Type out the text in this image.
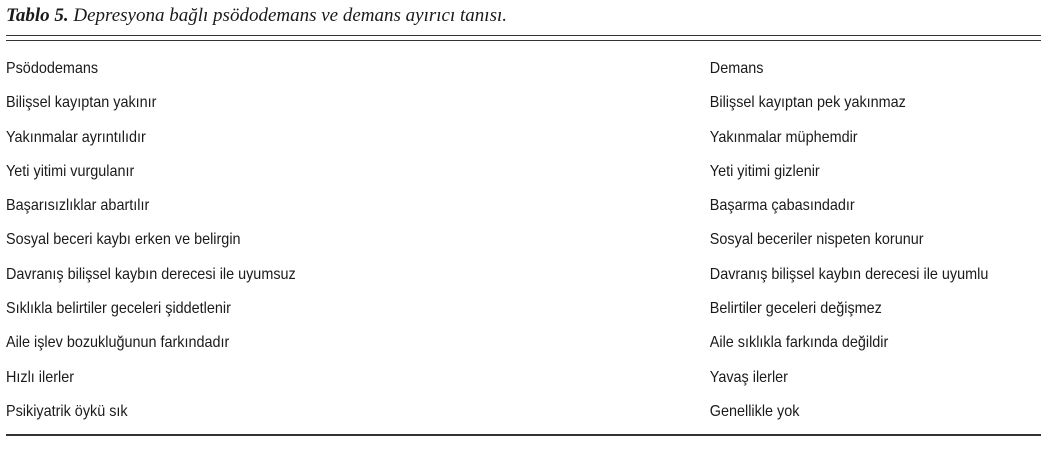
Tablo 5. Depresyona bağlı psödodemans ve demans ayırıcı tanısı.
Psödodemans	Demans
Bilişsel kayıptan yakınır	Bilişsel kayıptan pek yakınmaz
Yakınmalar ayrıntılıdır	Yakınmalar müphemdir
Yeti yitimi vurgulanır	Yeti yitimi gizlenir
Başarısızlıklar abartılır	Başarma çabasındadır
Sosyal beceri kaybı erken ve belirgin	Sosyal beceriler nispeten korunur
Davranış bilişsel kaybın derecesi ile uyumsuz	Davranış bilişsel kaybın derecesi ile uyumlu
Sıklıkla belirtiler geceleri şiddetlenir	Belirtiler geceleri değişmez
Aile işlev bozukluğunun farkındadır	Aile sıklıkla farkında değildir
Hızlı ilerler	Yavaş ilerler
Psikiyatrik öykü sık	Genellikle yok
